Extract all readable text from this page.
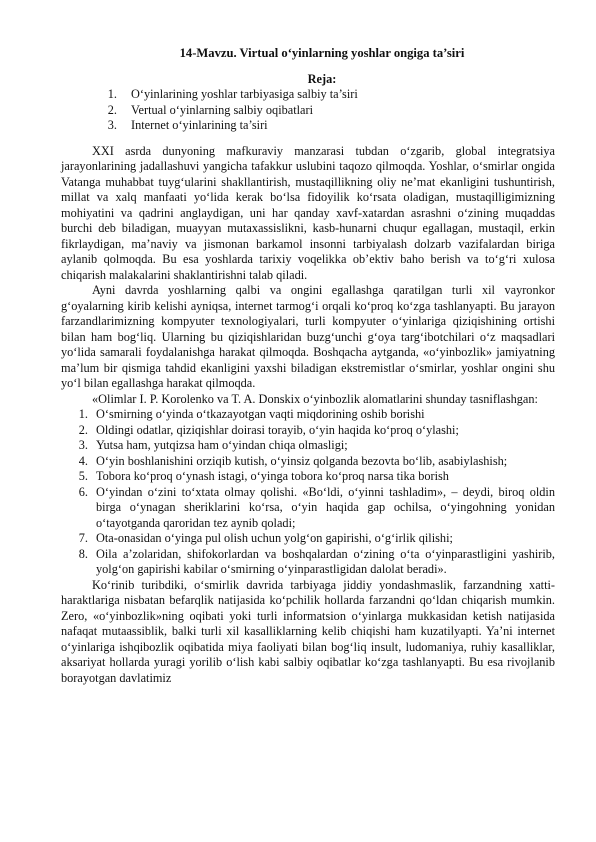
14-Mavzu. Virtual o‘yinlarning yoshlar ongiga ta’siri

Reja:

1.	O‘yinlarining yoshlar tarbiyasiga salbiy ta’siri
2.	Vertual o‘yinlarning salbiy oqibatlari
3.	Internet o‘yinlarining ta’siri

XXI asrda dunyoning mafkuraviy manzarasi tubdan o‘zgarib, global integratsiya jarayonlarining jadallashuvi yangicha tafakkur uslubini taqozo qilmoqda. Yoshlar, o‘smirlar ongida Vatanga muhabbat tuyg‘ularini shakllantirish, mustaqillikning oliy ne’mat ekanligini tushuntirish, millat va xalq manfaati yo‘lida kerak bo‘lsa fidoyilik ko‘rsata oladigan, mustaqilligimizning mohiyatini va qadrini anglaydigan, uni har qanday xavf-xatardan asrashni o‘zining muqaddas burchi deb biladigan, muayyan mutaxassislikni, kasb-hunarni chuqur egallagan, mustaqil, erkin fikrlaydigan, ma’naviy va jismonan barkamol insonni tarbiyalash dolzarb vazifalardan biriga aylanib qolmoqda. Bu esa yoshlarda tarixiy voqelikka ob’ektiv baho berish va to‘g‘ri xulosa chiqarish malakalarini shaklantirishni talab qiladi.

Ayni davrda yoshlarning qalbi va ongini egallashga qaratilgan turli xil vayronkor g‘oyalarning kirib kelishi ayniqsa, internet tarmog‘i orqali ko‘proq ko‘zga tashlanyapti. Bu jarayon farzandlarimizning kompyuter texnologiyalari, turli kompyuter o‘yinlariga qiziqishining ortishi bilan ham bog‘liq. Ularning bu qiziqishlaridan buzg‘unchi g‘oya targ‘ibotchilari o‘z maqsadlari yo‘lida samarali foydalanishga harakat qilmoqda. Boshqacha aytganda, «o‘yinbozlik» jamiyatning ma’lum bir qismiga tahdid ekanligini yaxshi biladigan ekstremistlar o‘smirlar, yoshlar ongini shu yo‘l bilan egallashga harakat qilmoqda.

«Olimlar I. P. Korolenko va T. A. Donskix o‘yinbozlik alomatlarini shunday tasniflashgan:

1. O‘smirning o‘yinda o‘tkazayotgan vaqti miqdorining oshib borishi
2. Oldingi odatlar, qiziqishlar doirasi torayib, o‘yin haqida ko‘proq o‘ylashi;
3. Yutsa ham, yutqizsa ham o‘yindan chiqa olmasligi;
4. O‘yin boshlanishini orziqib kutish, o‘yinsiz qolganda bezovta bo‘lib, asabiylashish;
5. Tobora ko‘proq o‘ynash istagi, o‘yinga tobora ko‘proq narsa tika borish
6. O‘yindan o‘zini to‘xtata olmay qolishi. «Bo‘ldi, o‘yinni tashladim», – deydi, biroq oldin birga o‘ynagan sheriklarini ko‘rsa, o‘yin haqida gap ochilsa, o‘yingohning yonidan o‘tayotganda qaroridan tez aynib qoladi;
7. Ota-onasidan o‘yinga pul olish uchun yolg‘on gapirishi, o‘g‘irlik qilishi;
8. Oila a’zolaridan, shifokorlardan va boshqalardan o‘zining o‘ta o‘yinparastligini yashirib, yolg‘on gapirishi kabilar o‘smirning o‘yinparastligidan dalolat beradi».

Ko‘rinib turibdiki, o‘smirlik davrida tarbiyaga jiddiy yondashmaslik, farzandning xatti-haraktlariga nisbatan befarqlik natijasida ko‘pchilik hollarda farzandni qo‘ldan chiqarish mumkin. Zero, «o‘yinbozlik»ning oqibati yoki turli informatsion o‘yinlarga mukkasidan ketish natijasida nafaqat mutaassiblik, balki turli xil kasalliklarning kelib chiqishi ham kuzatilyapti. Ya’ni internet o‘yinlariga ishqibozlik oqibatida miya faoliyati bilan bog‘liq insult, ludomaniya, ruhiy kasalliklar, aksariyat hollarda yuragi yorilib o‘lish kabi salbiy oqibatlar ko‘zga tashlanyapti. Bu esa rivojlanib borayotgan davlatimiz
